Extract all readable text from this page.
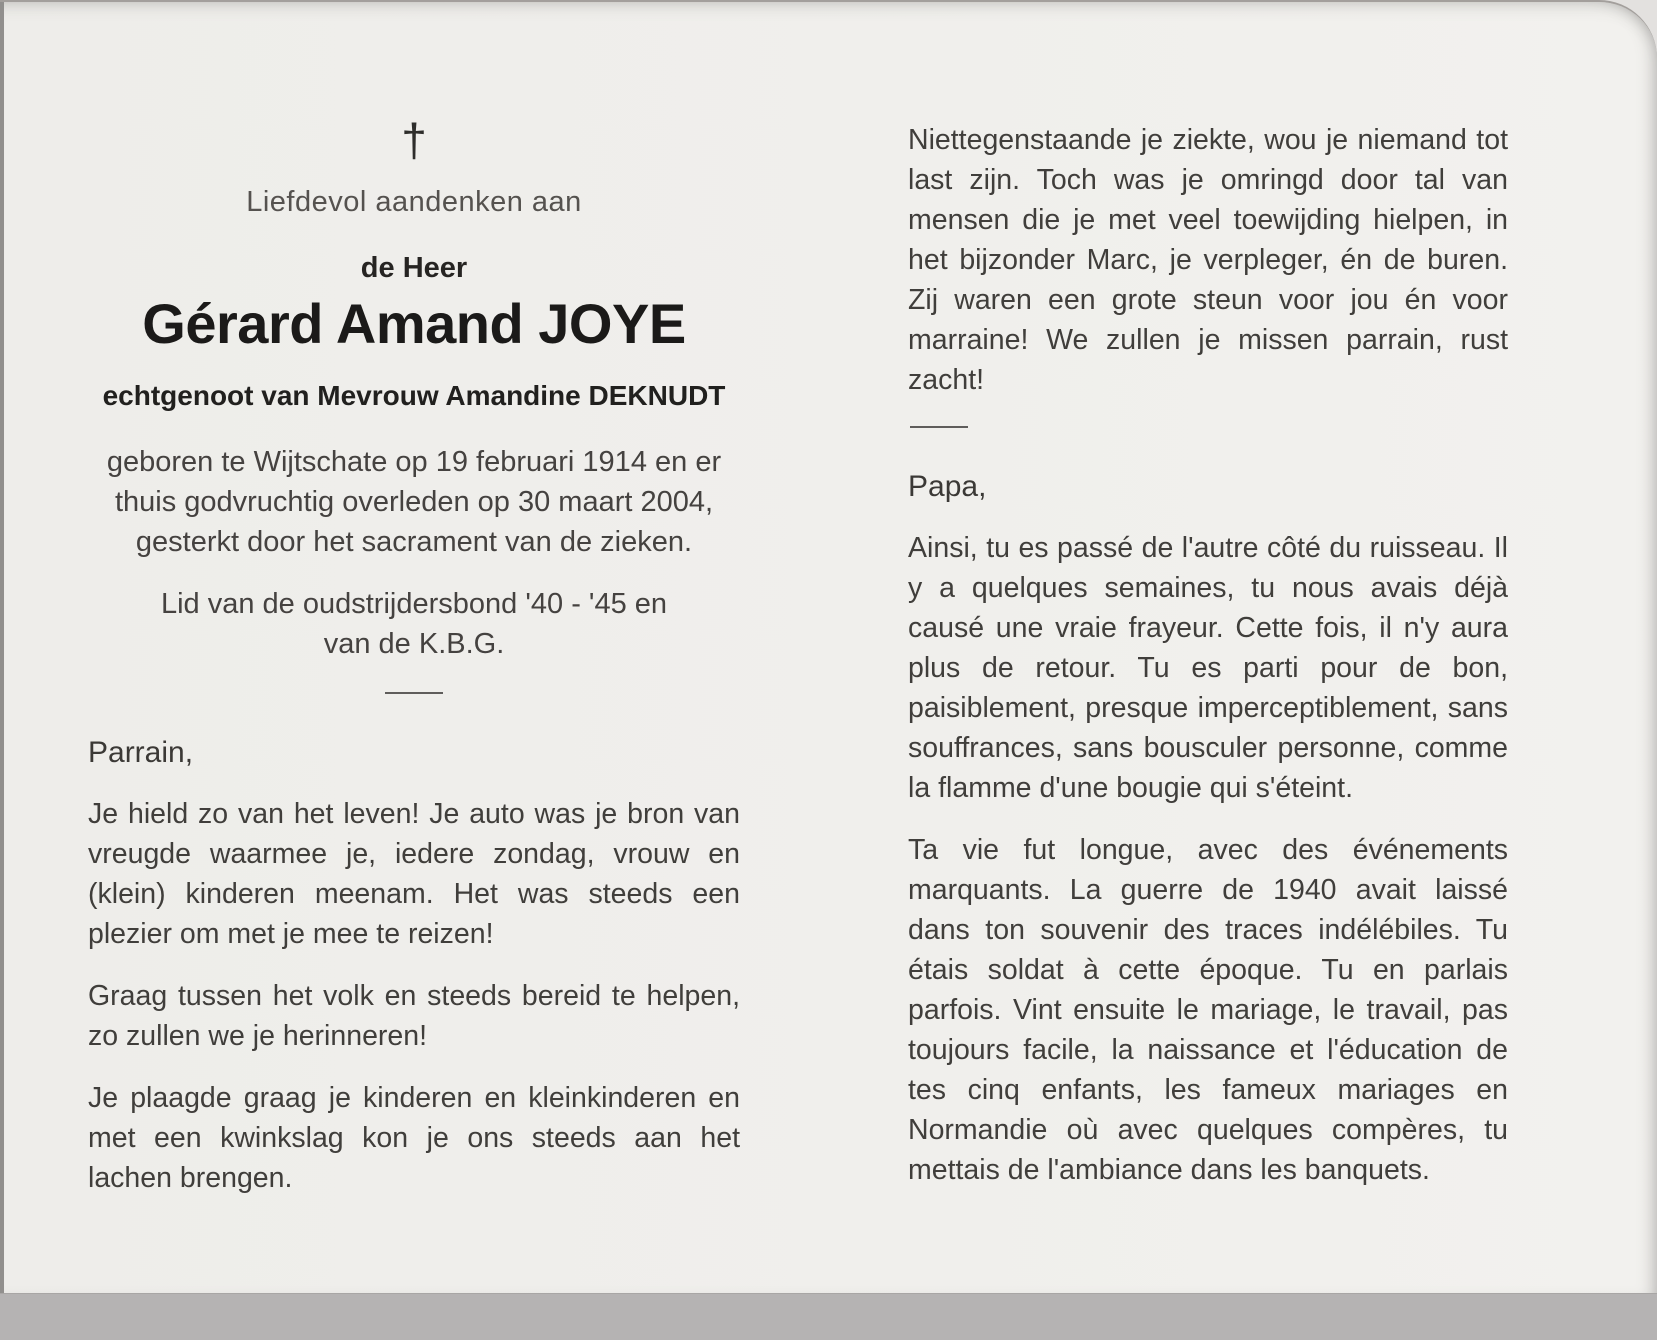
†
Liefdevol aandenken aan
de Heer
Gérard Amand JOYE
echtgenoot van Mevrouw Amandine DEKNUDT
geboren te Wijtschate op 19 februari 1914 en er thuis godvruchtig overleden op 30 maart 2004, gesterkt door het sacrament van de zieken.
Lid van de oudstrijdersbond '40 - '45 en van de K.B.G.
Parrain,
Je hield zo van het leven! Je auto was je bron van vreugde waarmee je, iedere zondag, vrouw en (klein) kinderen meenam. Het was steeds een plezier om met je mee te reizen!
Graag tussen het volk en steeds bereid te helpen, zo zullen we je herinneren!
Je plaagde graag je kinderen en kleinkinderen en met een kwinkslag kon je ons steeds aan het lachen brengen.
Niettegenstaande je ziekte, wou je niemand tot last zijn. Toch was je omringd door tal van mensen die je met veel toewijding hielpen, in het bijzonder Marc, je verpleger, én de buren. Zij waren een grote steun voor jou én voor marraine! We zullen je missen parrain, rust zacht!
Papa,
Ainsi, tu es passé de l'autre côté du ruisseau. Il y a quelques semaines, tu nous avais déjà causé une vraie frayeur. Cette fois, il n'y aura plus de retour. Tu es parti pour de bon, paisiblement, presque imperceptiblement, sans souffrances, sans bousculer personne, comme la flamme d'une bougie qui s'éteint.
Ta vie fut longue, avec des événements marquants. La guerre de 1940 avait laissé dans ton souvenir des traces indélébiles. Tu étais soldat à cette époque. Tu en parlais parfois. Vint ensuite le mariage, le travail, pas toujours facile, la naissance et l'éducation de tes cinq enfants, les fameux mariages en Normandie où avec quelques compères, tu mettais de l'ambiance dans les banquets.
